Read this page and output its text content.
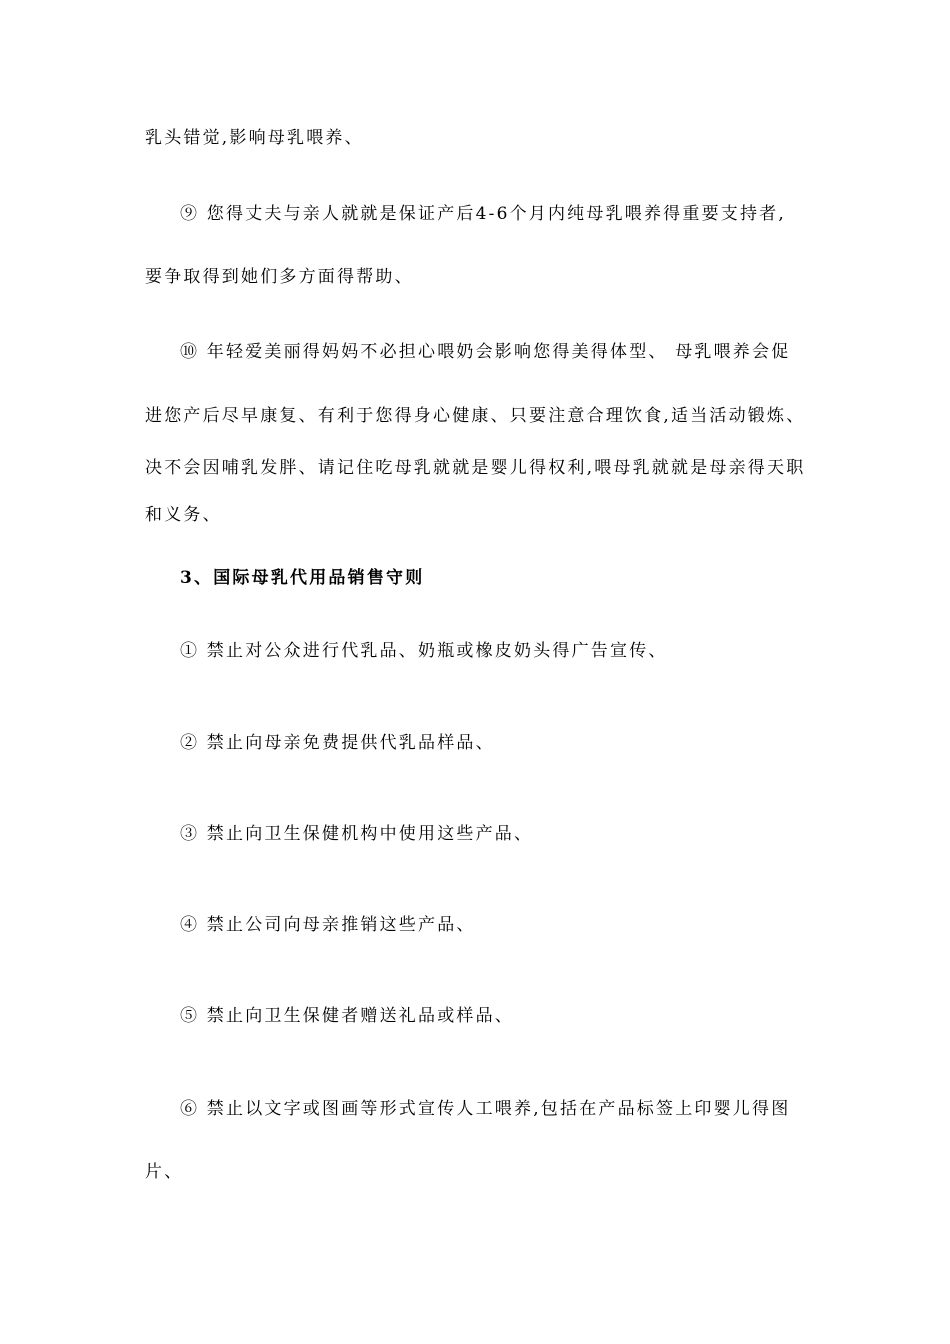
乳头错觉,影响母乳喂养、
⑨ 您得丈夫与亲人就就是保证产后4-6个月内纯母乳喂养得重要支持者,
要争取得到她们多方面得帮助、
⑩ 年轻爱美丽得妈妈不必担心喂奶会影响您得美得体型、 母乳喂养会促
进您产后尽早康复、有利于您得身心健康、只要注意合理饮食,适当活动锻炼、
决不会因哺乳发胖、请记住吃母乳就就是婴儿得权利,喂母乳就就是母亲得天职
和义务、
3、国际母乳代用品销售守则
① 禁止对公众进行代乳品、奶瓶或橡皮奶头得广告宣传、
② 禁止向母亲免费提供代乳品样品、
③ 禁止向卫生保健机构中使用这些产品、
④ 禁止公司向母亲推销这些产品、
⑤ 禁止向卫生保健者赠送礼品或样品、
⑥ 禁止以文字或图画等形式宣传人工喂养,包括在产品标签上印婴儿得图
片、
